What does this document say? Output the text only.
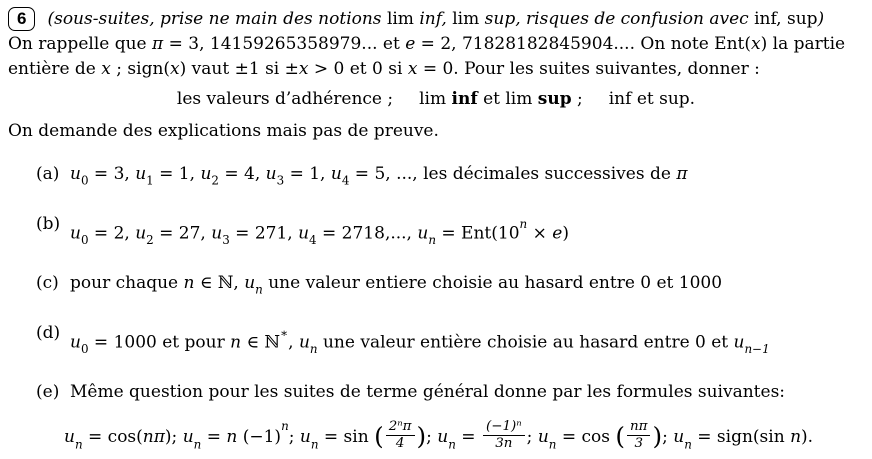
6	(sous-suites, prise ne main des notions lim inf, lim sup, risques de confusion avec inf, sup)
On rappelle que π = 3, 14159265358979... et e = 2, 71828182845904.... On note Ent(x) la partie
entière de x ; sign(x) vaut ±1 si ±x > 0 et 0 si x = 0. Pour les suites suivantes, donner :
les valeurs d’adhérence ; lim inf et lim sup ; inf et sup.
On demande des explications mais pas de preuve.
(a) $u_0 = 3$, $u_1 = 1$, $u_2 = 4$, $u_3 = 1$, $u_4 = 5$, ..., les décimales successives de π
(b) $u_0 = 2$, $u_2 = 27$, $u_3 = 271$, $u_4 = 2718$,..., $u_n = Ent(10^n \times e)$
(c) pour chaque n ∈ ℕ, $u_n$ une valeur entiere choisie au hasard entre 0 et 1000
(d) $u_0 = 1000$ et pour n ∈ ℕ∗, $u_n$ une valeur entière choisie au hasard entre 0 et $u_{n-1}$
(e) Même question pour les suites de terme général donne par les formules suivantes:
$u_n = \cos(n\pi)$; $u_n = n$ $(-1)^n$; $u_n = \sin$ ( $\frac{\text{2ⁿπ}}{4}$ ); $u_n = \frac{\text{(−1)ⁿ}}{3n}$ ; $u_n = \cos$ ( $\frac{n\pi}{3}$ ); $u_n$ = sign(sin n).
